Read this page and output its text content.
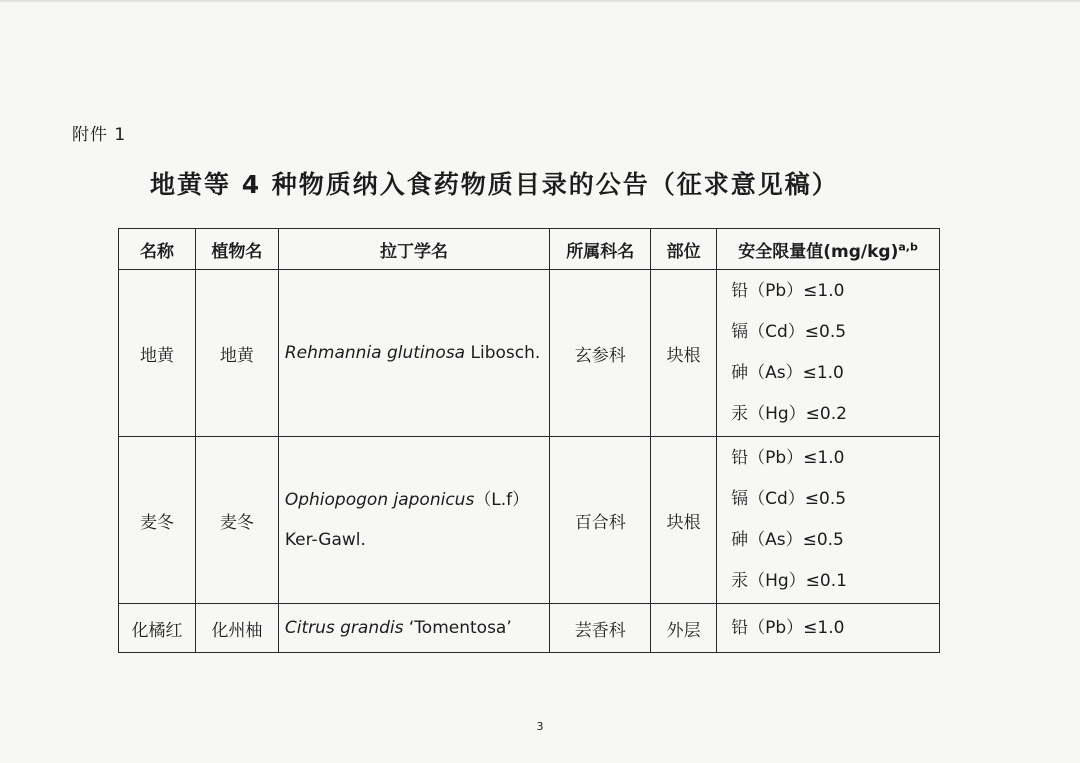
附件 1
地黄等 4 种物质纳入食药物质目录的公告（征求意见稿）
名称	植物名	拉丁学名	所属科名	部位	安全限量值$(mg/kg)^{a,b}$
地黄	地黄	Rehmannia glutinosa Libosch.	玄参科	块根	铅（Pb）≤1.0
镉（Cd）≤0.5
砷（As）≤1.0
汞（Hg）≤0.2

麦冬	麦冬	Ophiopogon japonicus（L.f）Ker-Gawl.	百合科	块根	铅（Pb）≤1.0
镉（Cd）≤0.5
砷（As）≤0.5
汞（Hg）≤0.1

化橘红	化州柚	Citrus grandis ‘Tomentosa’	芸香科	外层	铅（Pb）≤1.0
3
